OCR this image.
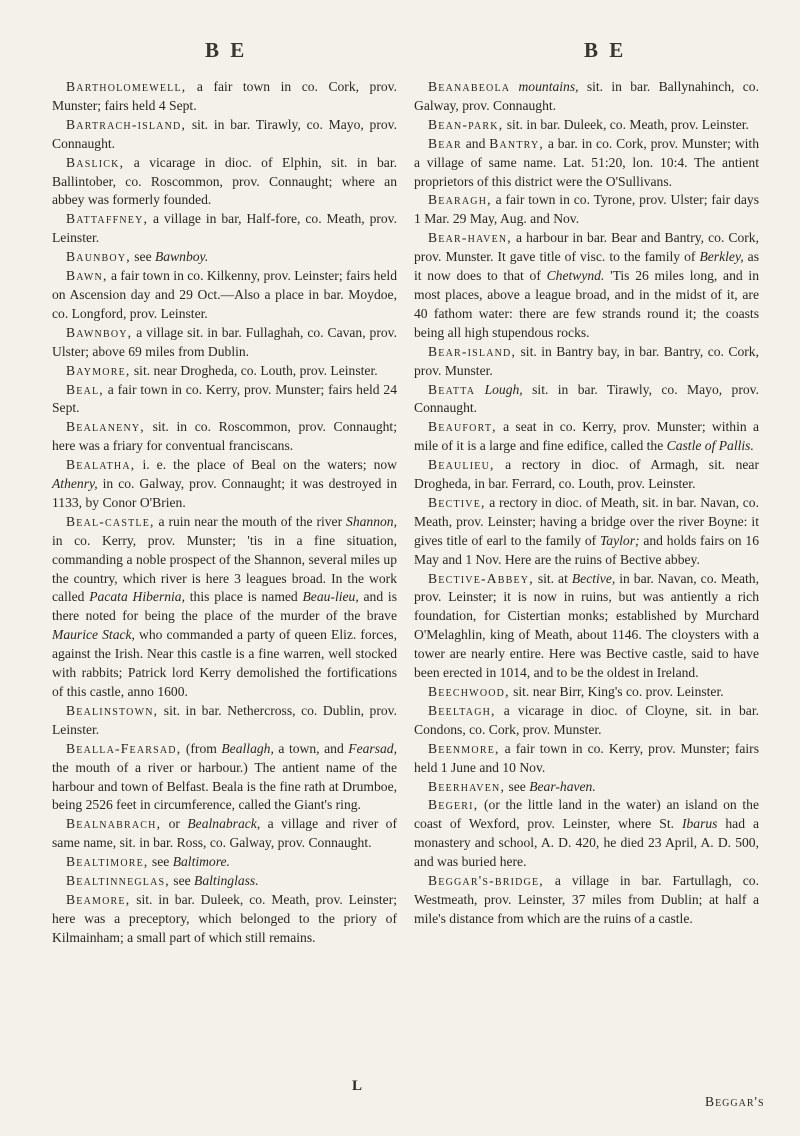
B E	B E

Bartholomewell, a fair town in co. Cork, prov. Munster; fairs held 4 Sept.

Bartrach-island, sit. in bar. Tirawly, co. Mayo, prov. Connaught.

Baslick, a vicarage in dioc. of Elphin, sit. in bar. Ballintober, co. Roscommon, prov. Connaught; where an abbey was formerly founded.

Battaffney, a village in bar, Half-fore, co. Meath, prov. Leinster.

Baunboy, see Bawnboy.

Bawn, a fair town in co. Kilkenny, prov. Leinster; fairs held on Ascension day and 29 Oct.—Also a place in bar. Moydoe, co. Longford, prov. Leinster.

Bawnboy, a village sit. in bar. Fullaghah, co. Cavan, prov. Ulster; above 69 miles from Dublin.

Baymore, sit. near Drogheda, co. Louth, prov. Leinster.

Beal, a fair town in co. Kerry, prov. Munster; fairs held 24 Sept.

Bealaneny, sit. in co. Roscommon, prov. Connaught; here was a friary for conventual franciscans.

Bealatha, i. e. the place of Beal on the waters; now Athenry, in co. Galway, prov. Connaught; it was destroyed in 1133, by Conor O'Brien.

Beal-castle, a ruin near the mouth of the river Shannon, in co. Kerry, prov. Munster; 'tis in a fine situation, commanding a noble prospect of the Shannon, several miles up the country, which river is here 3 leagues broad. In the work called Pacata Hibernia, this place is named Beau-lieu, and is there noted for being the place of the murder of the brave Maurice Stack, who commanded a party of queen Eliz. forces, against the Irish. Near this castle is a fine warren, well stocked with rabbits; Patrick lord Kerry demolished the fortifications of this castle, anno 1600.

Bealinstown, sit. in bar. Nethercross, co. Dublin, prov. Leinster.

Bealla-Fearsad, (from Beallagh, a town, and Fearsad, the mouth of a river or harbour.) The antient name of the harbour and town of Belfast. Beala is the fine rath at Drumboe, being 2526 feet in circumference, called the Giant's ring.

Bealnabrach, or Bealnabrack, a village and river of same name, sit. in bar. Ross, co. Galway, prov. Connaught.

Bealtimore, see Baltimore.

Bealtinneglas, see Baltinglass.

Beamore, sit. in bar. Duleek, co. Meath, prov. Leinster; here was a preceptory, which belonged to the priory of Kilmainham; a small part of which still remains.

Beanabeola mountains, sit. in bar. Ballynahinch, co. Galway, prov. Connaught.

Bean-park, sit. in bar. Duleek, co. Meath, prov. Leinster.

Bear and Bantry, a bar. in co. Cork, prov. Munster; with a village of same name. Lat. 51:20, lon. 10:4. The antient proprietors of this district were the O'Sullivans.

Bearagh, a fair town in co. Tyrone, prov. Ulster; fair days 1 Mar. 29 May, Aug. and Nov.

Bear-haven, a harbour in bar. Bear and Bantry, co. Cork, prov. Munster. It gave title of visc. to the family of Berkley, as it now does to that of Chetwynd. 'Tis 26 miles long, and in most places, above a league broad, and in the midst of it, are 40 fathom water: there are few strands round it; the coasts being all high stupendous rocks.

Bear-island, sit. in Bantry bay, in bar. Bantry, co. Cork, prov. Munster.

Beatta Lough, sit. in bar. Tirawly, co. Mayo, prov. Connaught.

Beaufort, a seat in co. Kerry, prov. Munster; within a mile of it is a large and fine edifice, called the Castle of Pallis.

Beaulieu, a rectory in dioc. of Armagh, sit. near Drogheda, in bar. Ferrard, co. Louth, prov. Leinster.

Bective, a rectory in dioc. of Meath, sit. in bar. Navan, co. Meath, prov. Leinster; having a bridge over the river Boyne: it gives title of earl to the family of Taylor; and holds fairs on 16 May and 1 Nov. Here are the ruins of Bective abbey.

Bective-Abbey, sit. at Bective, in bar. Navan, co. Meath, prov. Leinster; it is now in ruins, but was antiently a rich foundation, for Cistertian monks; established by Murchard O'Melaghlin, king of Meath, about 1146. The cloysters with a tower are nearly entire. Here was Bective castle, said to have been erected in 1014, and to be the oldest in Ireland.

Beechwood, sit. near Birr, King's co. prov. Leinster.

Beeltagh, a vicarage in dioc. of Cloyne, sit. in bar. Condons, co. Cork, prov. Munster.

Beenmore, a fair town in co. Kerry, prov. Munster; fairs held 1 June and 10 Nov.

Beerhaven, see Bear-haven.

Begeri, (or the little land in the water) an island on the coast of Wexford, prov. Leinster, where St. Ibarus had a monastery and school, A. D. 420, he died 23 April, A. D. 500, and was buried here.

Beggar's-bridge, a village in bar. Fartullagh, co. Westmeath, prov. Leinster, 37 miles from Dublin; at half a mile's distance from which are the ruins of a castle.

L
Beggar's
